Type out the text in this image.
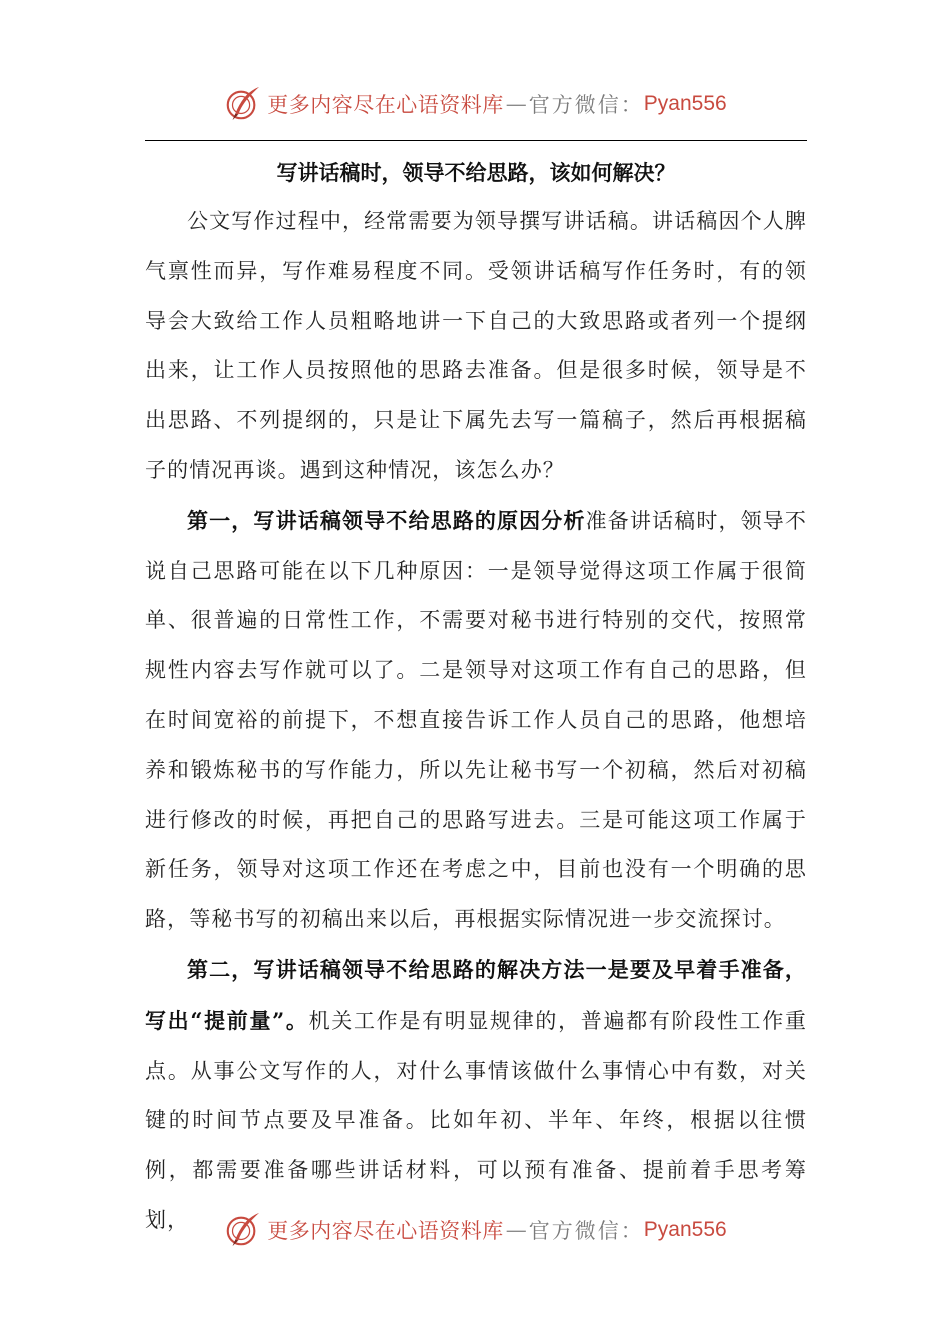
更多内容尽在心语资料库 — 官方微信： Pyan556
写讲话稿时，领导不给思路，该如何解决？

公文写作过程中，经常需要为领导撰写讲话稿。讲话稿因个人脾气禀性而异，写作难易程度不同。受领讲话稿写作任务时，有的领导会大致给工作人员粗略地讲一下自己的大致思路或者列一个提纲出来，让工作人员按照他的思路去准备。但是很多时候，领导是不出思路、不列提纲的，只是让下属先去写一篇稿子，然后再根据稿子的情况再谈。遇到这种情况，该怎么办？

第一，写讲话稿领导不给思路的原因分析准备讲话稿时，领导不说自己思路可能在以下几种原因：一是领导觉得这项工作属于很简单、很普遍的日常性工作，不需要对秘书进行特别的交代，按照常规性内容去写作就可以了。二是领导对这项工作有自己的思路，但在时间宽裕的前提下，不想直接告诉工作人员自己的思路，他想培养和锻炼秘书的写作能力，所以先让秘书写一个初稿，然后对初稿进行修改的时候，再把自己的思路写进去。三是可能这项工作属于新任务，领导对这项工作还在考虑之中，目前也没有一个明确的思路，等秘书写的初稿出来以后，再根据实际情况进一步交流探讨。

第二，写讲话稿领导不给思路的解决方法一是要及早着手准备，写出“提前量”。机关工作是有明显规律的，普遍都有阶段性工作重点。从事公文写作的人，对什么事情该做什么事情心中有数，对关键的时间节点要及早准备。比如年初、半年、年终，根据以往惯例，都需要准备哪些讲话材料，可以预有准备、提前着手思考筹划，	更多内容尽在心语资料库 — 官方微信： Pyan556
